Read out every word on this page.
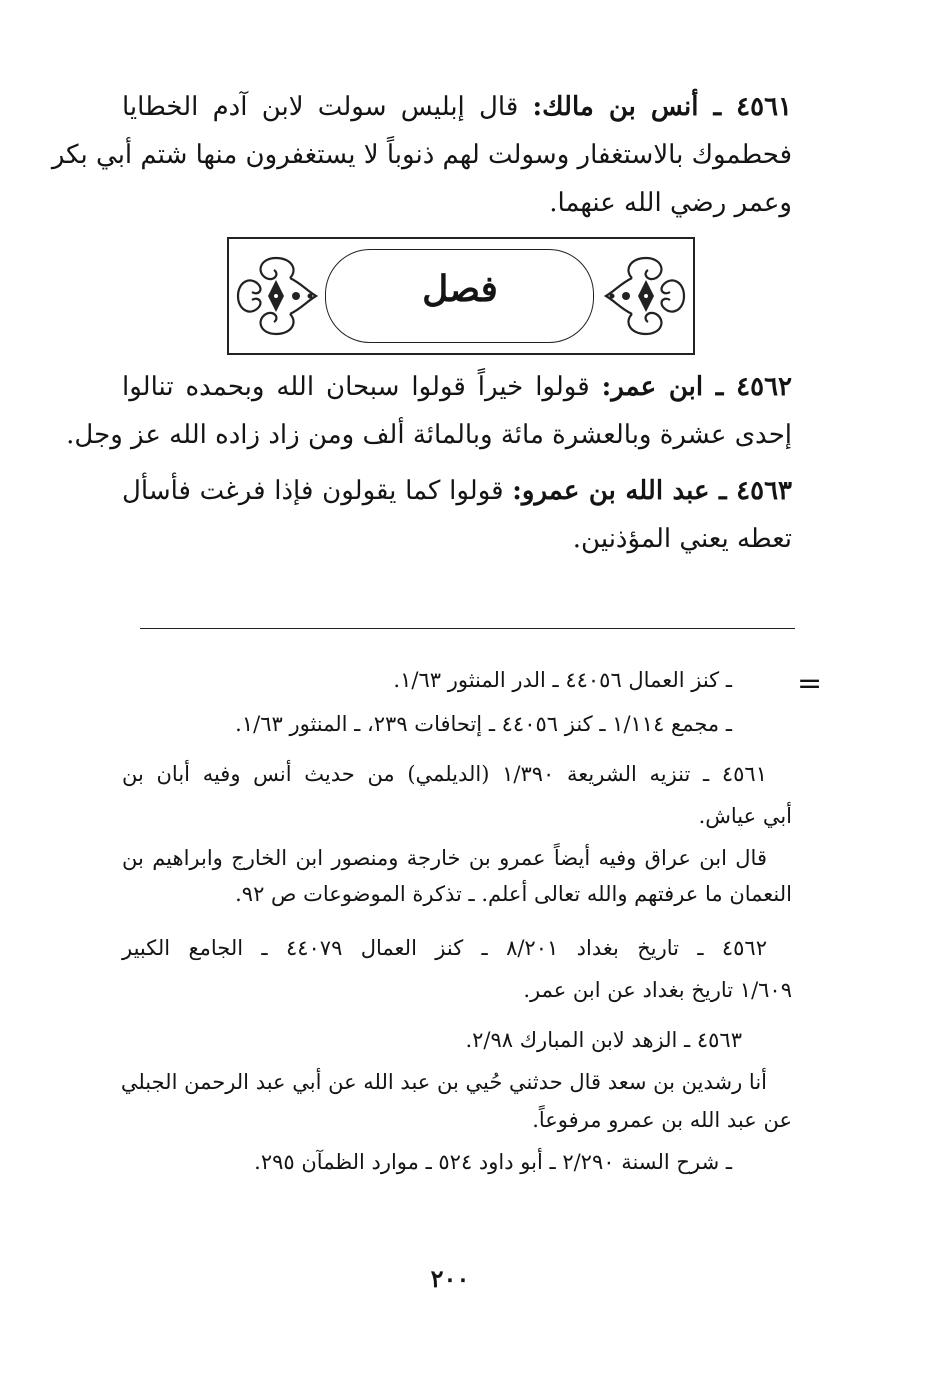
٤٥٦١ ـ أنس بن مالك: قال إبليس سولت لابن آدم الخطايا
فحطموك بالاستغفار وسولت لهم ذنوباً لا يستغفرون منها شتم أبي بكر
وعمر رضي الله عنهما.
فصل
٤٥٦٢ ـ ابن عمر: قولوا خيراً قولوا سبحان الله وبحمده تنالوا
إحدى عشرة وبالعشرة مائة وبالمائة ألف ومن زاد زاده الله عز وجل.
٤٥٦٣ ـ عبد الله بن عمرو: قولوا كما يقولون فإذا فرغت فأسأل
تعطه يعني المؤذنين.
=
ـ كنز العمال ٤٤٠٥٦ ـ الدر المنثور ١/٦٣.
ـ مجمع ١/١١٤ ـ كنز ٤٤٠٥٦ ـ إتحافات ٢٣٩، ـ المنثور ١/٦٣.
٤٥٦١ ـ تنزيه الشريعة ١/٣٩٠ (الديلمي) من حديث أنس وفيه أبان بن
أبي عياش.
قال ابن عراق وفيه أيضاً عمرو بن خارجة ومنصور ابن الخارج وابراهيم بن
النعمان ما عرفتهم والله تعالى أعلم. ـ تذكرة الموضوعات ص ٩٢.
٤٥٦٢ ـ تاريخ بغداد ٨/٢٠١ ـ كنز العمال ٤٤٠٧٩ ـ الجامع الكبير
١/٦٠٩ تاريخ بغداد عن ابن عمر.
٤٥٦٣ ـ الزهد لابن المبارك ٢/٩٨.
أنا رشدين بن سعد قال حدثني حُيي بن عبد الله عن أبي عبد الرحمن الجبلي
عن عبد الله بن عمرو مرفوعاً.
ـ شرح السنة ٢/٢٩٠ ـ أبو داود ٥٢٤ ـ موارد الظمآن ٢٩٥.
٢٠٠
